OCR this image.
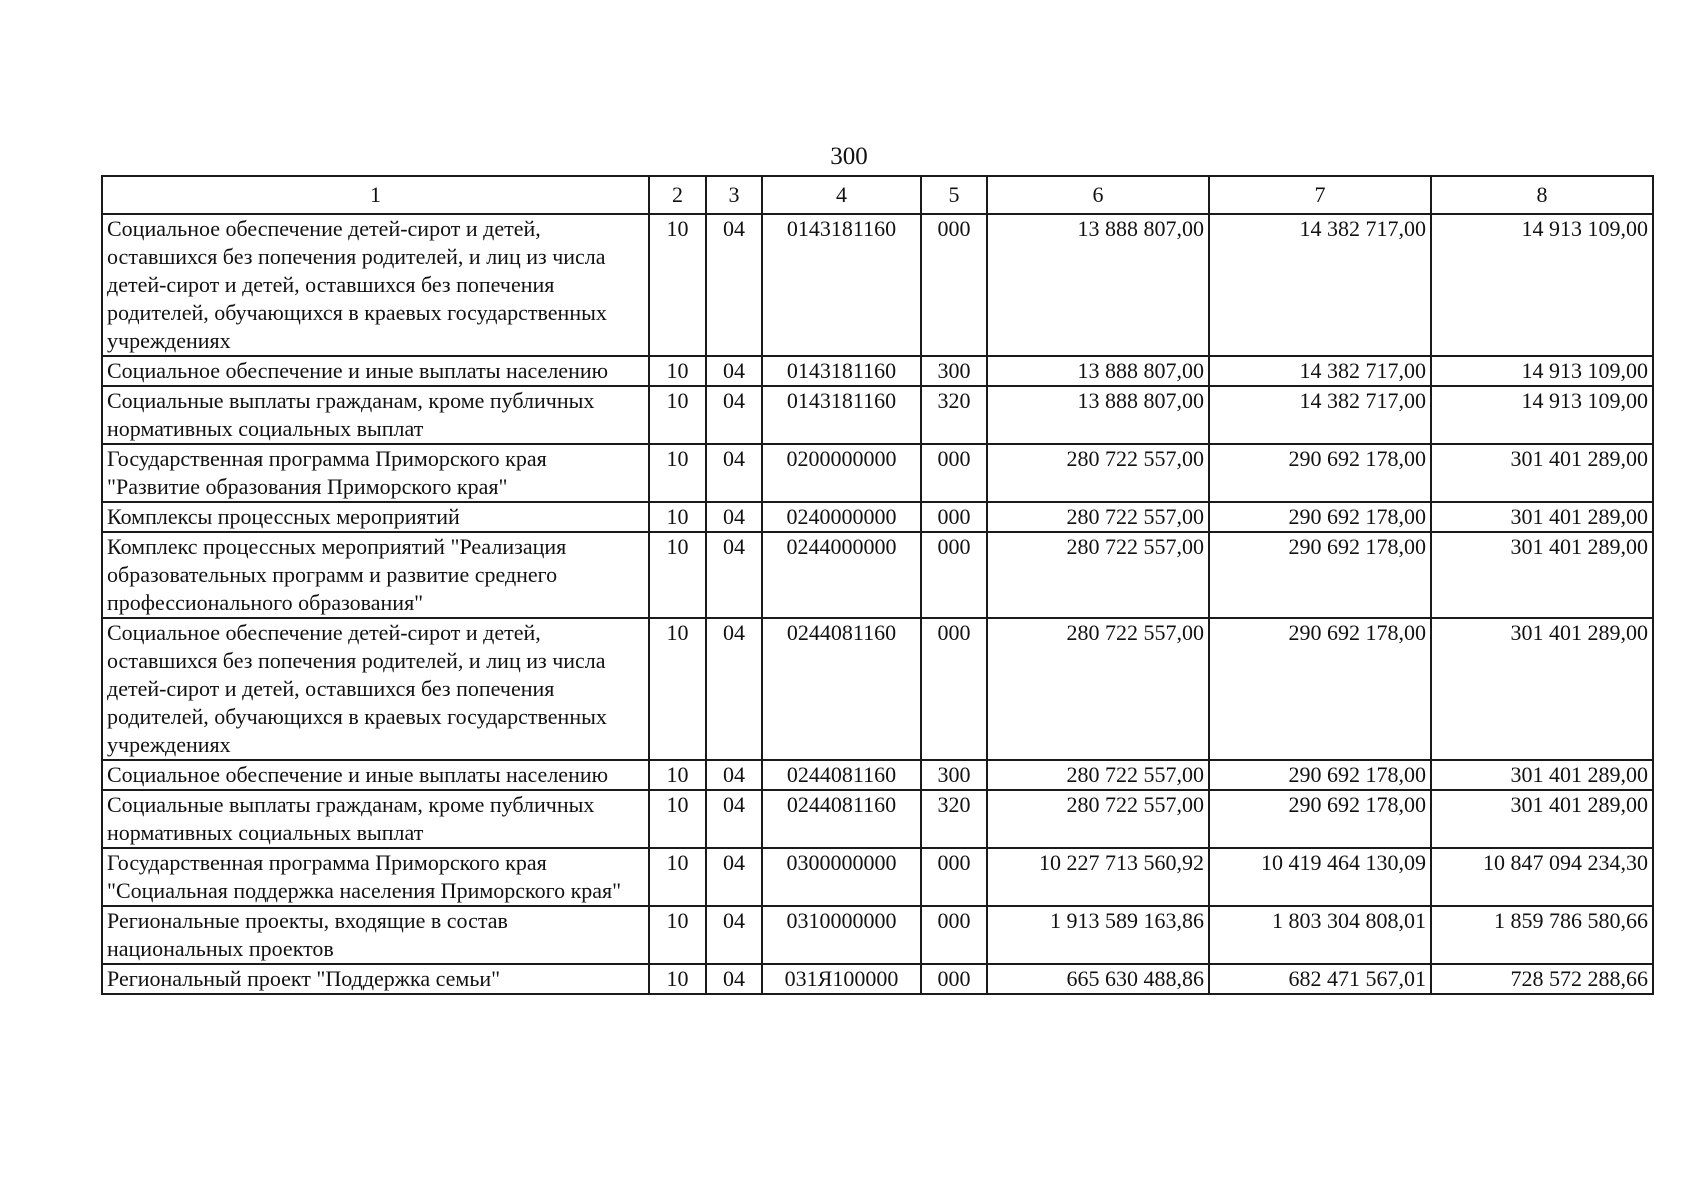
300
1	2	3	4	5	6	7	8
Социальное обеспечение детей-сирот и детей, оставшихся без попечения родителей, и лиц из числа детей-сирот и детей, оставшихся без попечения родителей, обучающихся в краевых государственных учреждениях	10	04	0143181160	000	13 888 807,00	14 382 717,00	14 913 109,00
Социальное обеспечение и иные выплаты населению	10	04	0143181160	300	13 888 807,00	14 382 717,00	14 913 109,00
Социальные выплаты гражданам, кроме публичных нормативных социальных выплат	10	04	0143181160	320	13 888 807,00	14 382 717,00	14 913 109,00
Государственная программа Приморского края "Развитие образования Приморского края"	10	04	0200000000	000	280 722 557,00	290 692 178,00	301 401 289,00
Комплексы процессных мероприятий	10	04	0240000000	000	280 722 557,00	290 692 178,00	301 401 289,00
Комплекс процессных мероприятий "Реализация образовательных программ и развитие среднего профессионального образования"	10	04	0244000000	000	280 722 557,00	290 692 178,00	301 401 289,00
Социальное обеспечение детей-сирот и детей, оставшихся без попечения родителей, и лиц из числа детей-сирот и детей, оставшихся без попечения родителей, обучающихся в краевых государственных учреждениях	10	04	0244081160	000	280 722 557,00	290 692 178,00	301 401 289,00
Социальное обеспечение и иные выплаты населению	10	04	0244081160	300	280 722 557,00	290 692 178,00	301 401 289,00
Социальные выплаты гражданам, кроме публичных нормативных социальных выплат	10	04	0244081160	320	280 722 557,00	290 692 178,00	301 401 289,00
Государственная программа Приморского края "Социальная поддержка населения Приморского края"	10	04	0300000000	000	10 227 713 560,92	10 419 464 130,09	10 847 094 234,30
Региональные проекты, входящие в состав национальных проектов	10	04	0310000000	000	1 913 589 163,86	1 803 304 808,01	1 859 786 580,66
Региональный проект "Поддержка семьи"	10	04	031Я100000	000	665 630 488,86	682 471 567,01	728 572 288,66
